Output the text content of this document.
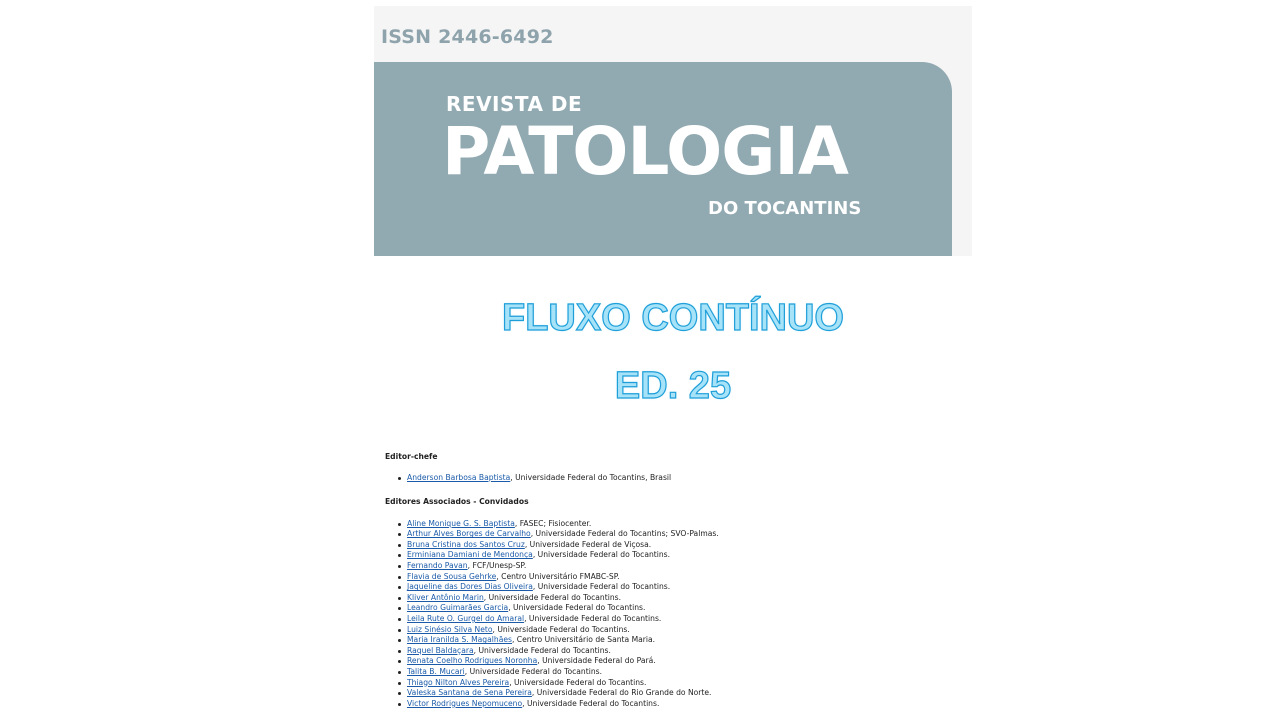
ISSN 2446-6492
REVISTA DE
PATOLOGIA
DO TOCANTINS
FLUXO CONTÍNUO
ED. 25

Editor-chefe

Anderson Barbosa Baptista, Universidade Federal do Tocantins, Brasil

Editores Associados - Convidados

Aline Monique G. S. Baptista, FASEC; Fisiocenter.
Arthur Alves Borges de Carvalho, Universidade Federal do Tocantins; SVO-Palmas.
Bruna Cristina dos Santos Cruz, Universidade Federal de Viçosa.
Erminiana Damiani de Mendonça, Universidade Federal do Tocantins.
Fernando Pavan, FCF/Unesp-SP.
Flavia de Sousa Gehrke, Centro Universitário FMABC-SP.
Jaqueline das Dores Dias Oliveira, Universidade Federal do Tocantins.
Kliver Antônio Marin, Universidade Federal do Tocantins.
Leandro Guimarães Garcia, Universidade Federal do Tocantins.
Leila Rute O. Gurgel do Amaral, Universidade Federal do Tocantins.
Luiz Sinésio Silva Neto, Universidade Federal do Tocantins.
Maria Iranilda S. Magalhães, Centro Universitário de Santa Maria.
Raquel Baldaçara, Universidade Federal do Tocantins.
Renata Coelho Rodrigues Noronha, Universidade Federal do Pará.
Talita B. Mucari, Universidade Federal do Tocantins.
Thiago Nilton Alves Pereira, Universidade Federal do Tocantins.
Valeska Santana de Sena Pereira, Universidade Federal do Rio Grande do Norte.
Victor Rodrigues Nepomuceno, Universidade Federal do Tocantins.
